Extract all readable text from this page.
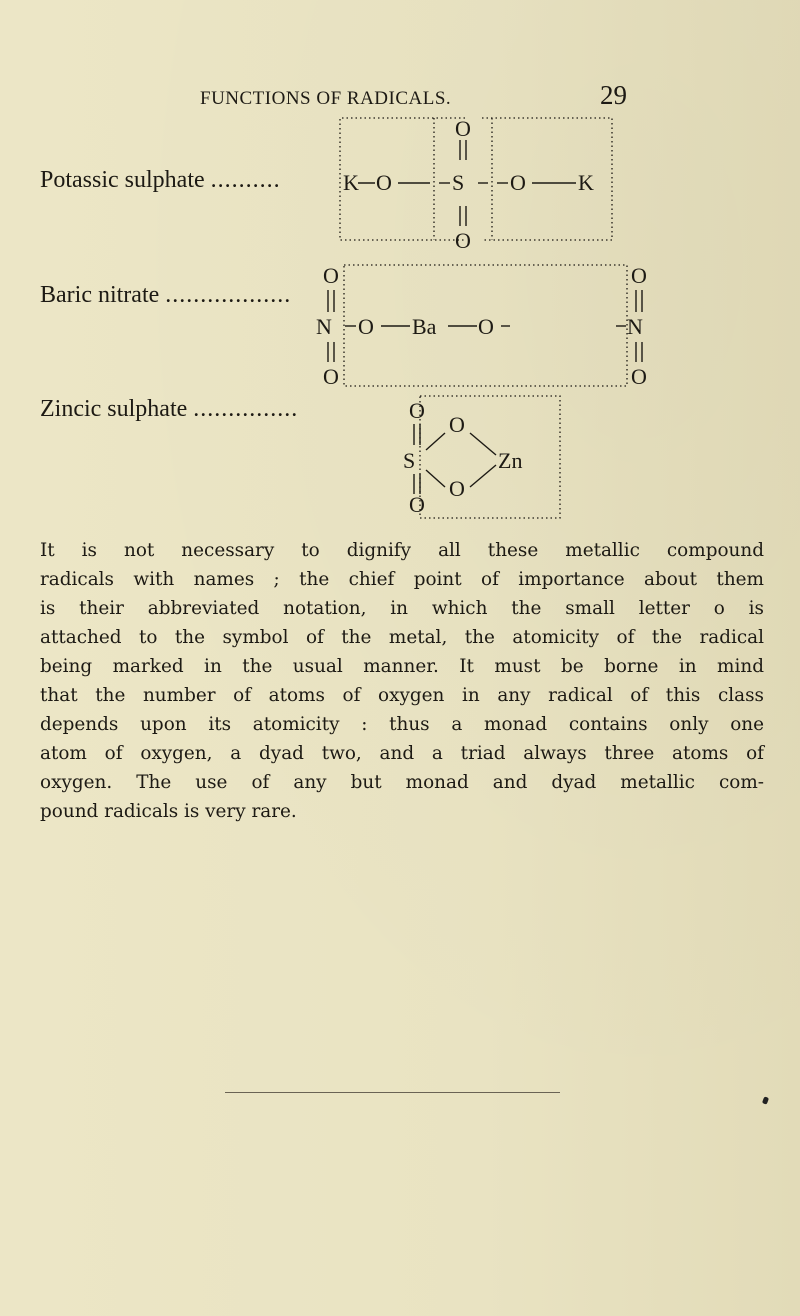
FUNCTIONS OF RADICALS.	29
Potassic sulphate ..........
Baric nitrate ..................
Zincic sulphate ...............
O
K O	S O K
O
O
N
O
O Ba O
O
N
O
O
S
O
O
O
Zn
It is not necessary to dignify all these metallic compound
radicals with names ; the chief point of importance about them
is their abbreviated notation, in which the small letter o is
attached to the symbol of the metal, the atomicity of the radical
being marked in the usual manner. It must be borne in mind
that the number of atoms of oxygen in any radical of this class
depends upon its atomicity : thus a monad contains only one
atom of oxygen, a dyad two, and a triad always three atoms of
oxygen. The use of any but monad and dyad metallic com-
pound radicals is very rare.
